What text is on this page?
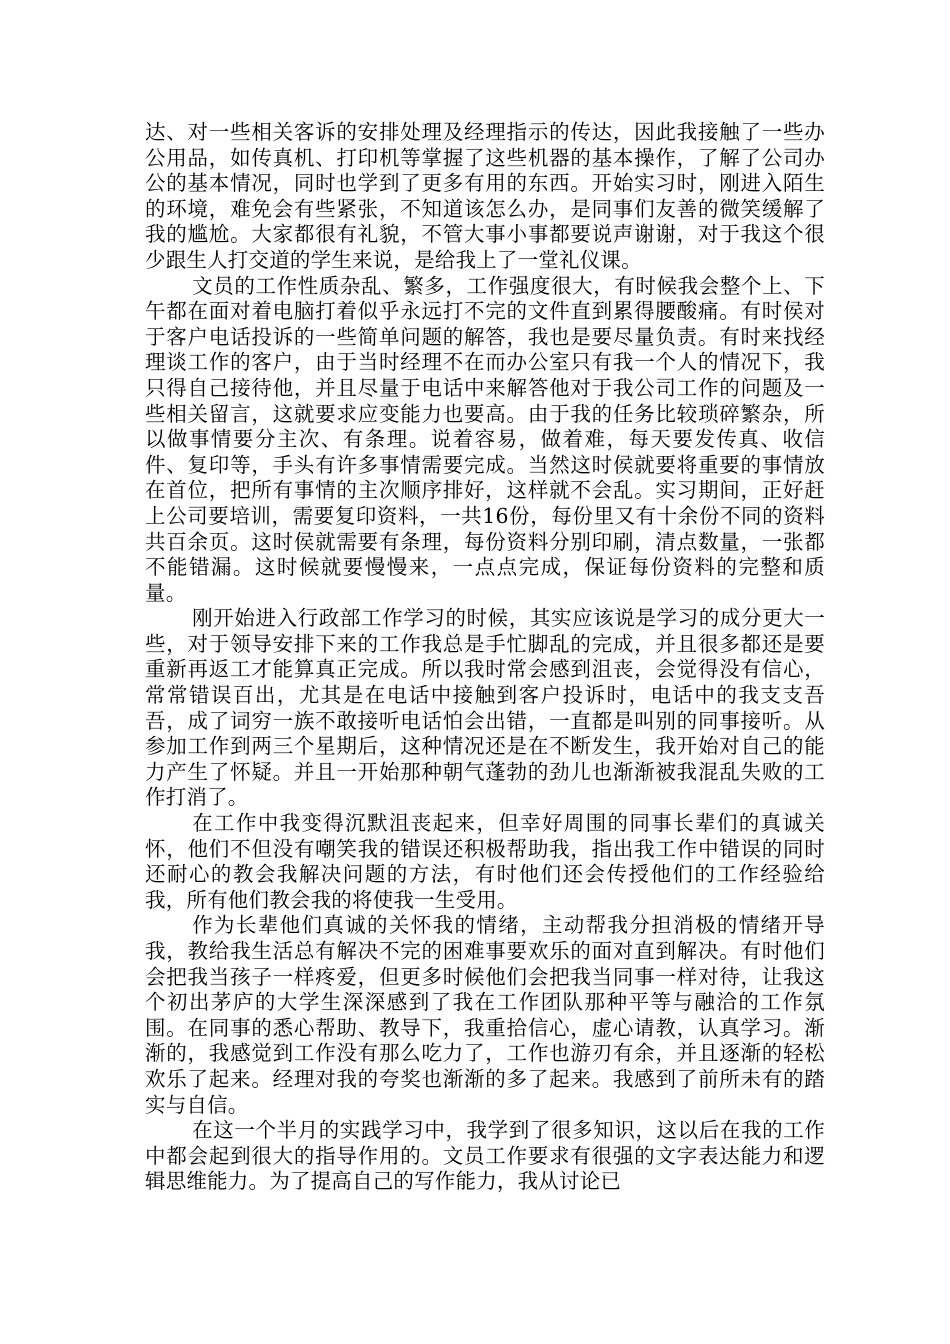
达、对一些相关客诉的安排处理及经理指示的传达，因此我接触了一些办公用品，如传真机、打印机等掌握了这些机器的基本操作，了解了公司办公的基本情况，同时也学到了更多有用的东西。开始实习时，刚进入陌生的环境，难免会有些紧张，不知道该怎么办，是同事们友善的微笑缓解了我的尴尬。大家都很有礼貌，不管大事小事都要说声谢谢，对于我这个很少跟生人打交道的学生来说，是给我上了一堂礼仪课。

文员的工作性质杂乱、繁多，工作强度很大，有时候我会整个上、下午都在面对着电脑打着似乎永远打不完的文件直到累得腰酸痛。有时侯对于客户电话投诉的一些简单问题的解答，我也是要尽量负责。有时来找经理谈工作的客户，由于当时经理不在而办公室只有我一个人的情况下，我只得自己接待他，并且尽量于电话中来解答他对于我公司工作的问题及一些相关留言，这就要求应变能力也要高。由于我的任务比较琐碎繁杂，所以做事情要分主次、有条理。说着容易，做着难，每天要发传真、收信件、复印等，手头有许多事情需要完成。当然这时侯就要将重要的事情放在首位，把所有事情的主次顺序排好，这样就不会乱。实习期间，正好赶上公司要培训，需要复印资料，一共16份，每份里又有十余份不同的资料共百余页。这时侯就需要有条理，每份资料分别印刷，清点数量，一张都不能错漏。这时候就要慢慢来，一点点完成，保证每份资料的完整和质量。

刚开始进入行政部工作学习的时候，其实应该说是学习的成分更大一些，对于领导安排下来的工作我总是手忙脚乱的完成，并且很多都还是要重新再返工才能算真正完成。所以我时常会感到沮丧，会觉得没有信心，常常错误百出，尤其是在电话中接触到客户投诉时，电话中的我支支吾吾，成了词穷一族不敢接听电话怕会出错，一直都是叫别的同事接听。从参加工作到两三个星期后，这种情况还是在不断发生，我开始对自己的能力产生了怀疑。并且一开始那种朝气蓬勃的劲儿也渐渐被我混乱失败的工作打消了。

在工作中我变得沉默沮丧起来，但幸好周围的同事长辈们的真诚关怀，他们不但没有嘲笑我的错误还积极帮助我，指出我工作中错误的同时还耐心的教会我解决问题的方法，有时他们还会传授他们的工作经验给我，所有他们教会我的将使我一生受用。

作为长辈他们真诚的关怀我的情绪，主动帮我分担消极的情绪开导我，教给我生活总有解决不完的困难事要欢乐的面对直到解决。有时他们会把我当孩子一样疼爱，但更多时候他们会把我当同事一样对待，让我这个初出茅庐的大学生深深感到了我在工作团队那种平等与融洽的工作氛围。在同事的悉心帮助、教导下，我重拾信心，虚心请教，认真学习。渐渐的，我感觉到工作没有那么吃力了，工作也游刃有余，并且逐渐的轻松欢乐了起来。经理对我的夸奖也渐渐的多了起来。我感到了前所未有的踏实与自信。

在这一个半月的实践学习中，我学到了很多知识，这以后在我的工作中都会起到很大的指导作用的。文员工作要求有很强的文字表达能力和逻辑思维能力。为了提高自己的写作能力，我从讨论已
